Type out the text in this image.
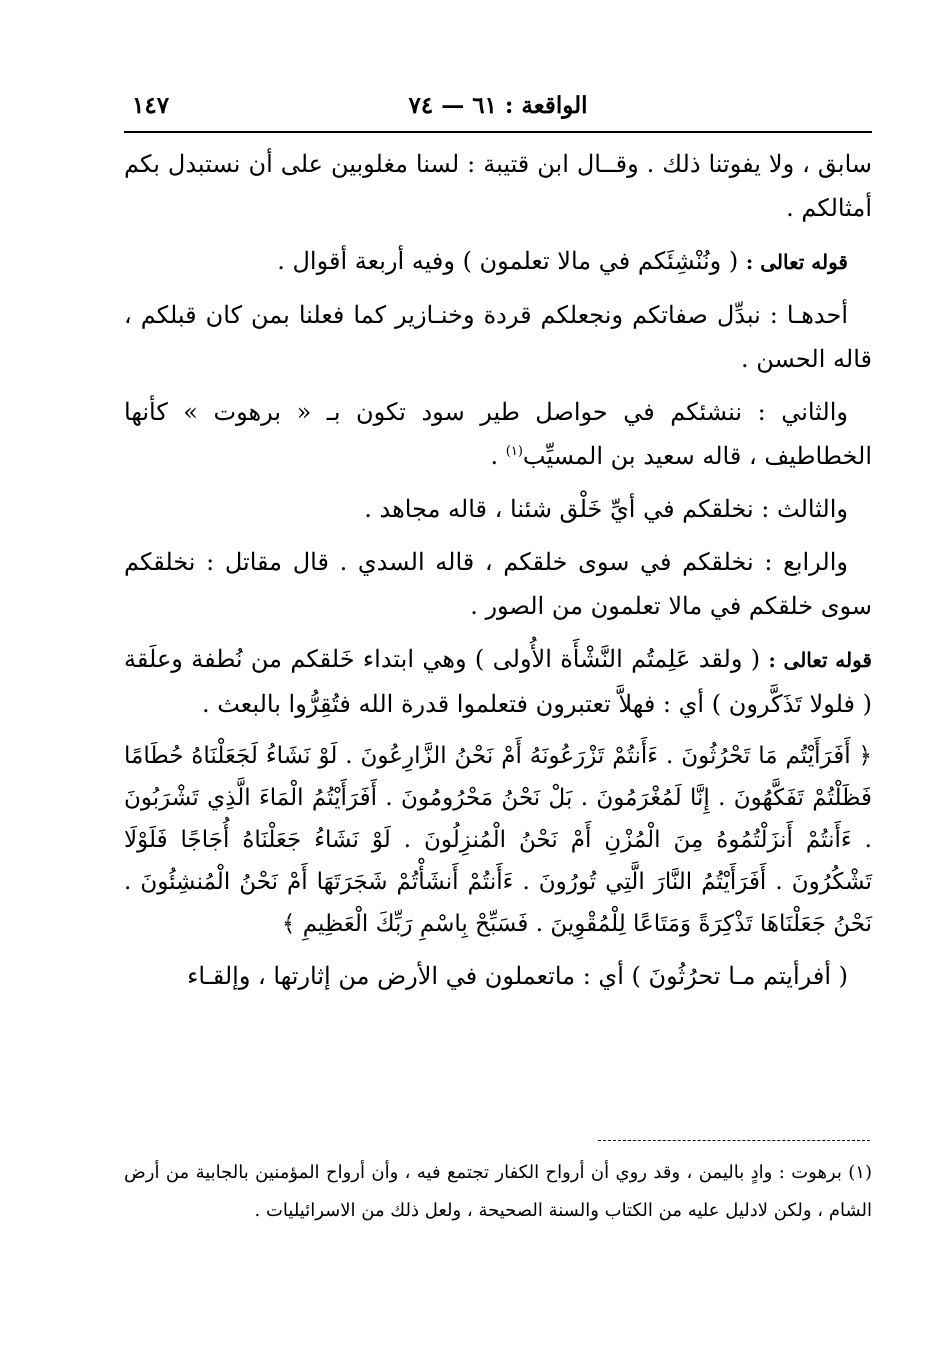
الواقعة : ٦١ — ٧٤
١٤٧

سابق ، ولا يفوتنا ذلك . وقــال ابن قتيبة : لسنا مغلوبين على أن نستبدل بكم أمثالكم .

قوله تعالى : ( ونُنْشِئَكم في مالا تعلمون ) وفيه أربعة أقوال .

أحدهـا : نبدِّل صفاتكم ونجعلكم قردة وخنـازير كما فعلنا بمن كان قبلكم ، قاله الحسن .

والثاني : ننشئكم في حواصل طير سود تكون بـ « برهوت » كأنها الخطاطيف ، قاله سعيد بن المسيِّب$^{(١)}$ .

والثالث : نخلقكم في أيِّ خَلْق شئنا ، قاله مجاهد .

والرابع : نخلقكم في سوى خلقكم ، قاله السدي . قال مقاتل : نخلقكم سوى خلقكم في مالا تعلمون من الصور .

قوله تعالى : ( ولقد عَلِمتُم النَّشْأَة الأُولى ) وهي ابتداء خَلقكم من نُطفة وعلَقة ( فلولا تَذَكَّرون ) أي : فهلاَّ تعتبرون فتعلموا قدرة الله فتُقِرُّوا بالبعث .

﴿ أَفَرَأَيْتُم مَا تَحْرُثُونَ . ءَأَنتُمْ تَزْرَعُونَهُ أَمْ نَحْنُ الزَّارِعُونَ . لَوْ نَشَاءُ لَجَعَلْنَاهُ حُطَامًا فَظَلْتُمْ تَفَكَّهُونَ . إِنَّا لَمُغْرَمُونَ . بَلْ نَحْنُ مَحْرُومُونَ . أَفَرَأَيْتُمُ الْمَاءَ الَّذِي تَشْرَبُونَ . ءَأَنتُمْ أَنزَلْتُمُوهُ مِنَ الْمُزْنِ أَمْ نَحْنُ الْمُنزِلُونَ . لَوْ نَشَاءُ جَعَلْنَاهُ أُجَاجًا فَلَوْلَا تَشْكُرُونَ . أَفَرَأَيْتُمُ النَّارَ الَّتِي تُورُونَ . ءَأَنتُمْ أَنشَأْتُمْ شَجَرَتَهَا أَمْ نَحْنُ الْمُنشِئُونَ . نَحْنُ جَعَلْنَاهَا تَذْكِرَةً وَمَتَاعًا لِلْمُقْوِينَ . فَسَبِّحْ بِاسْمِ رَبِّكَ الْعَظِيمِ ﴾

( أفرأيتم مـا تحرُثُونَ ) أي : ماتعملون في الأرض من إثارتها ، وإلقـاء

(١) برهوت : وادٍ باليمن ، وقد روي أن أرواح الكفار تجتمع فيه ، وأن أرواح المؤمنين بالجابية من أرض الشام ، ولكن لادليل عليه من الكتاب والسنة الصحيحة ، ولعل ذلك من الاسرائيليات .
